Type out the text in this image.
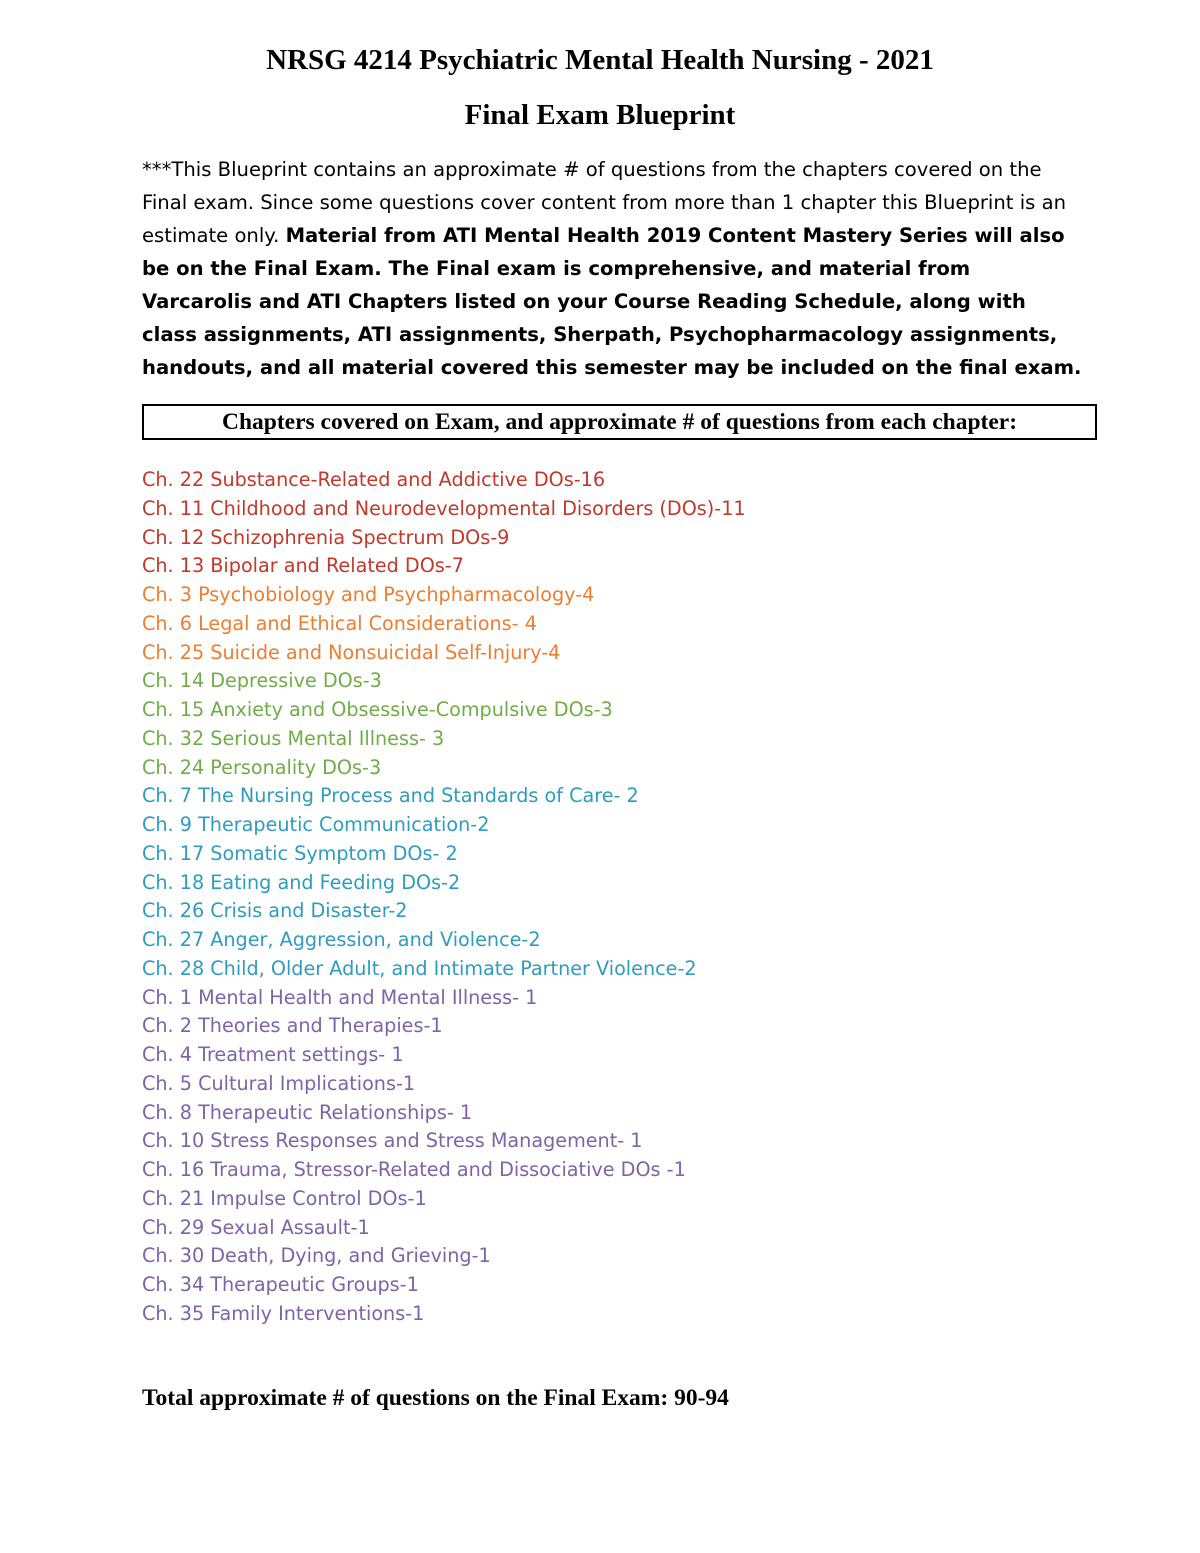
NRSG 4214 Psychiatric Mental Health Nursing - 2021
Final Exam Blueprint
***This Blueprint contains an approximate # of questions from the chapters covered on the Final exam. Since some questions cover content from more than 1 chapter this Blueprint is an estimate only. Material from ATI Mental Health 2019 Content Mastery Series will also be on the Final Exam. The Final exam is comprehensive, and material from Varcarolis and ATI Chapters listed on your Course Reading Schedule, along with class assignments, ATI assignments, Sherpath, Psychopharmacology assignments, handouts, and all material covered this semester may be included on the final exam.
Chapters covered on Exam, and approximate # of questions from each chapter:
Ch. 22 Substance-Related and Addictive DOs-16
Ch. 11 Childhood and Neurodevelopmental Disorders (DOs)-11
Ch. 12 Schizophrenia Spectrum DOs-9
Ch. 13 Bipolar and Related DOs-7
Ch. 3 Psychobiology and Psychpharmacology-4
Ch. 6 Legal and Ethical Considerations- 4
Ch. 25 Suicide and Nonsuicidal Self-Injury-4
Ch. 14 Depressive DOs-3
Ch. 15 Anxiety and Obsessive-Compulsive DOs-3
Ch. 32 Serious Mental Illness- 3
Ch. 24 Personality DOs-3
Ch. 7 The Nursing Process and Standards of Care- 2
Ch. 9 Therapeutic Communication-2
Ch. 17 Somatic Symptom DOs- 2
Ch. 18 Eating and Feeding DOs-2
Ch. 26 Crisis and Disaster-2
Ch. 27 Anger, Aggression, and Violence-2
Ch. 28 Child, Older Adult, and Intimate Partner Violence-2
Ch. 1 Mental Health and Mental Illness- 1
Ch. 2 Theories and Therapies-1
Ch. 4 Treatment settings- 1
Ch. 5 Cultural Implications-1
Ch. 8 Therapeutic Relationships- 1
Ch. 10 Stress Responses and Stress Management- 1
Ch. 16 Trauma, Stressor-Related and Dissociative DOs -1
Ch. 21 Impulse Control DOs-1
Ch. 29 Sexual Assault-1
Ch. 30 Death, Dying, and Grieving-1
Ch. 34 Therapeutic Groups-1
Ch. 35 Family Interventions-1
Total approximate # of questions on the Final Exam: 90-94
